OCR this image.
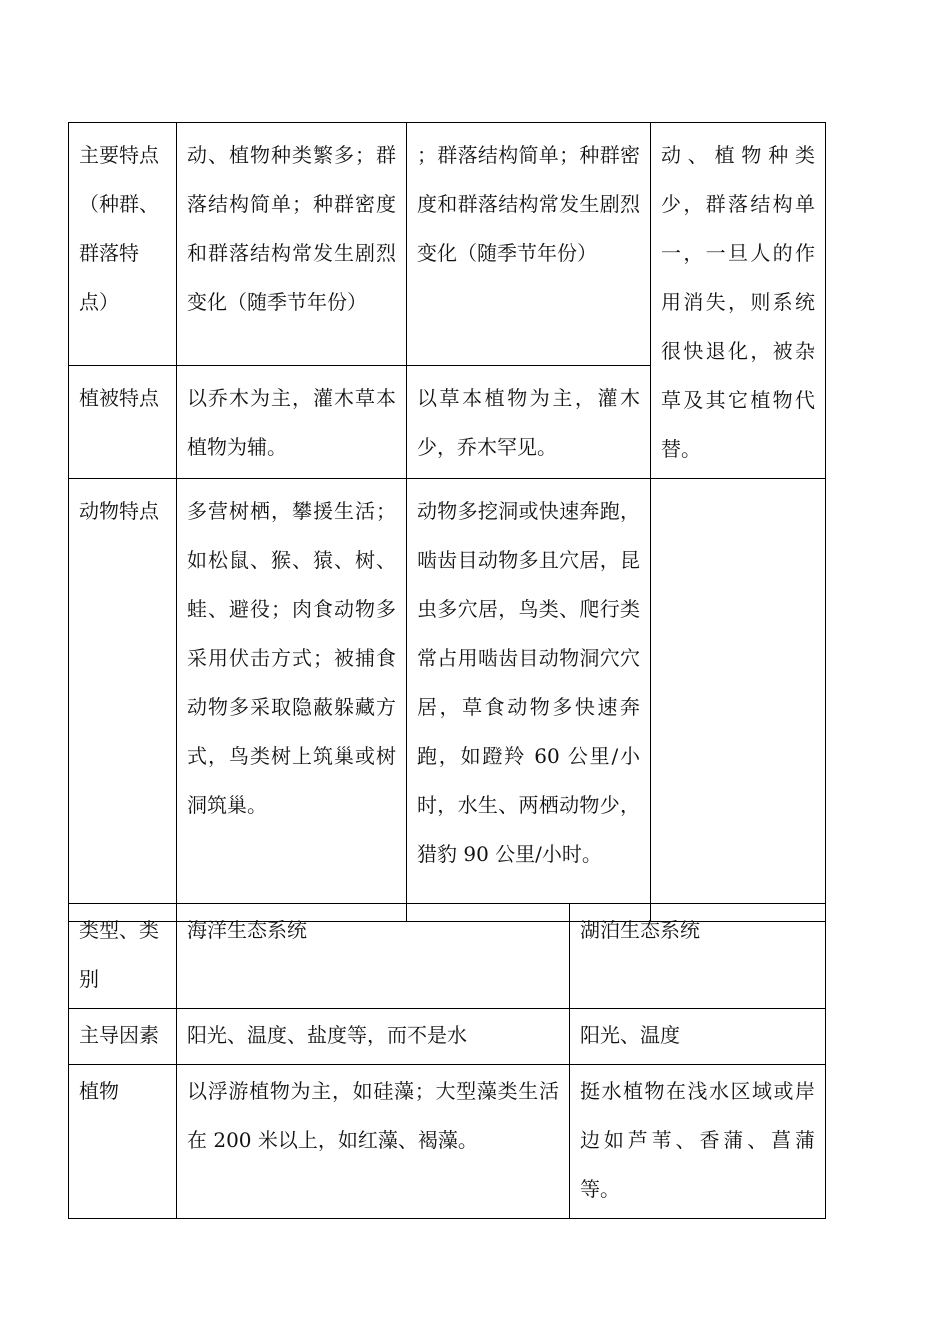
主要特点（种群、群落特点）	动、植物种类繁多；群落结构简单；种群密度和群落结构常发生剧烈变化（随季节年份）	；群落结构简单；种群密度和群落结构常发生剧烈变化（随季节年份）	动、植物种类少，群落结构单一，一旦人的作用消失，则系统很快退化，被杂草及其它植物代替。
植被特点	以乔木为主，灌木草本植物为辅。	以草本植物为主，灌木少，乔木罕见。	
动物特点	多营树栖，攀援生活；如松鼠、猴、猿、树、蛙、避役；肉食动物多采用伏击方式；被捕食动物多采取隐蔽躲藏方式，鸟类树上筑巢或树洞筑巢。	动物多挖洞或快速奔跑，啮齿目动物多且穴居，昆虫多穴居，鸟类、爬行类常占用啮齿目动物洞穴穴居，草食动物多快速奔跑，如蹬羚 60 公里/小时，水生、两栖动物少，猎豹 90 公里/小时。	
类型、类别	海洋生态系统	湖泊生态系统
主导因素	阳光、温度、盐度等，而不是水	阳光、温度
植物	以浮游植物为主，如硅藻；大型藻类生活在 200 米以上，如红藻、褐藻。	挺水植物在浅水区域或岸边如芦苇、香蒲、菖蒲等。
